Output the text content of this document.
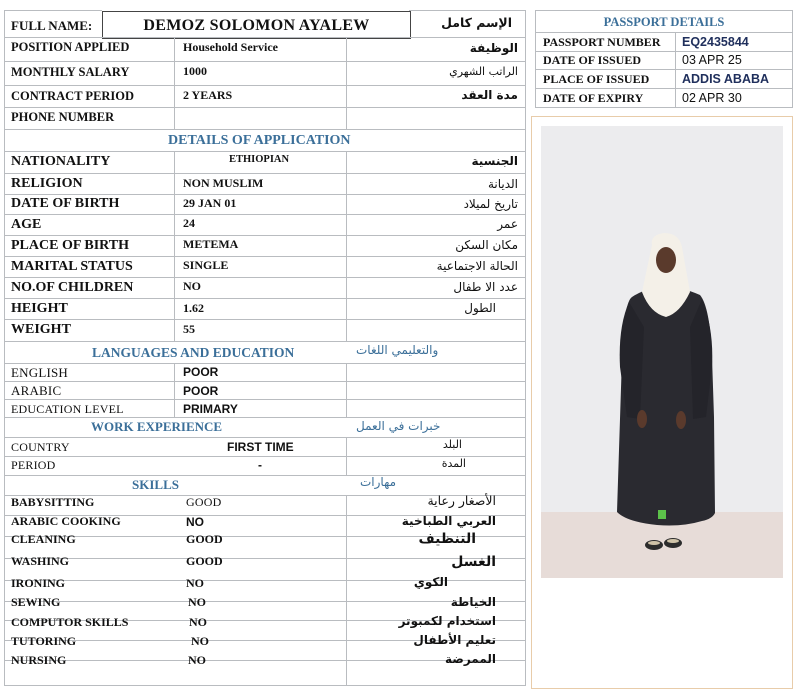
FULL NAME:	DEMOZ SOLOMON AYALEW	الإسم كامل
POSITION APPLIED	Household Service	الوظيفة
MONTHLY SALARY	1000	الراتب الشهري
CONTRACT PERIOD	2 YEARS	مدة العقد
PHONE NUMBER
DETAILS OF APPLICATION
NATIONALITY	ETHIOPIAN	الجنسية
RELIGION	NON MUSLIM	الديانة
DATE OF BIRTH	29 JAN 01	تاريخ لميلاد
AGE	24	عمر
PLACE OF BIRTH	METEMA	مكان السكن
MARITAL STATUS	SINGLE	الحالة الاجتماعية
NO.OF CHILDREN	NO	عدد الا طفال
HEIGHT	1.62	الطول
WEIGHT	55
LANGUAGES AND EDUCATION	والتعليمي اللغات
ENGLISH	POOR
ARABIC	POOR
EDUCATION LEVEL	PRIMARY
WORK EXPERIENCE	خبرات في العمل
COUNTRY	FIRST TIME	البلد
PERIOD	-	المدة
SKILLS	مهارات
BABYSITTING	GOOD	الأصغار رعاية
ARABIC COOKING	NO	العربي الطباخية
CLEANING	GOOD	التنظيف
WASHING	GOOD	الغسل
IRONING	NO	الكوي
SEWING	NO	الخياطة
COMPUTOR SKILLS	NO	استخدام لكمبوتر
TUTORING	NO	تعليم الأطفال
NURSING	NO	الممرضة
PASSPORT DETAILS
PASSPORT NUMBER EQ2435844
DATE OF ISSUED	03 APR 25
PLACE OF ISSUED	ADDIS ABABA
DATE OF EXPIRY	02 APR 30
